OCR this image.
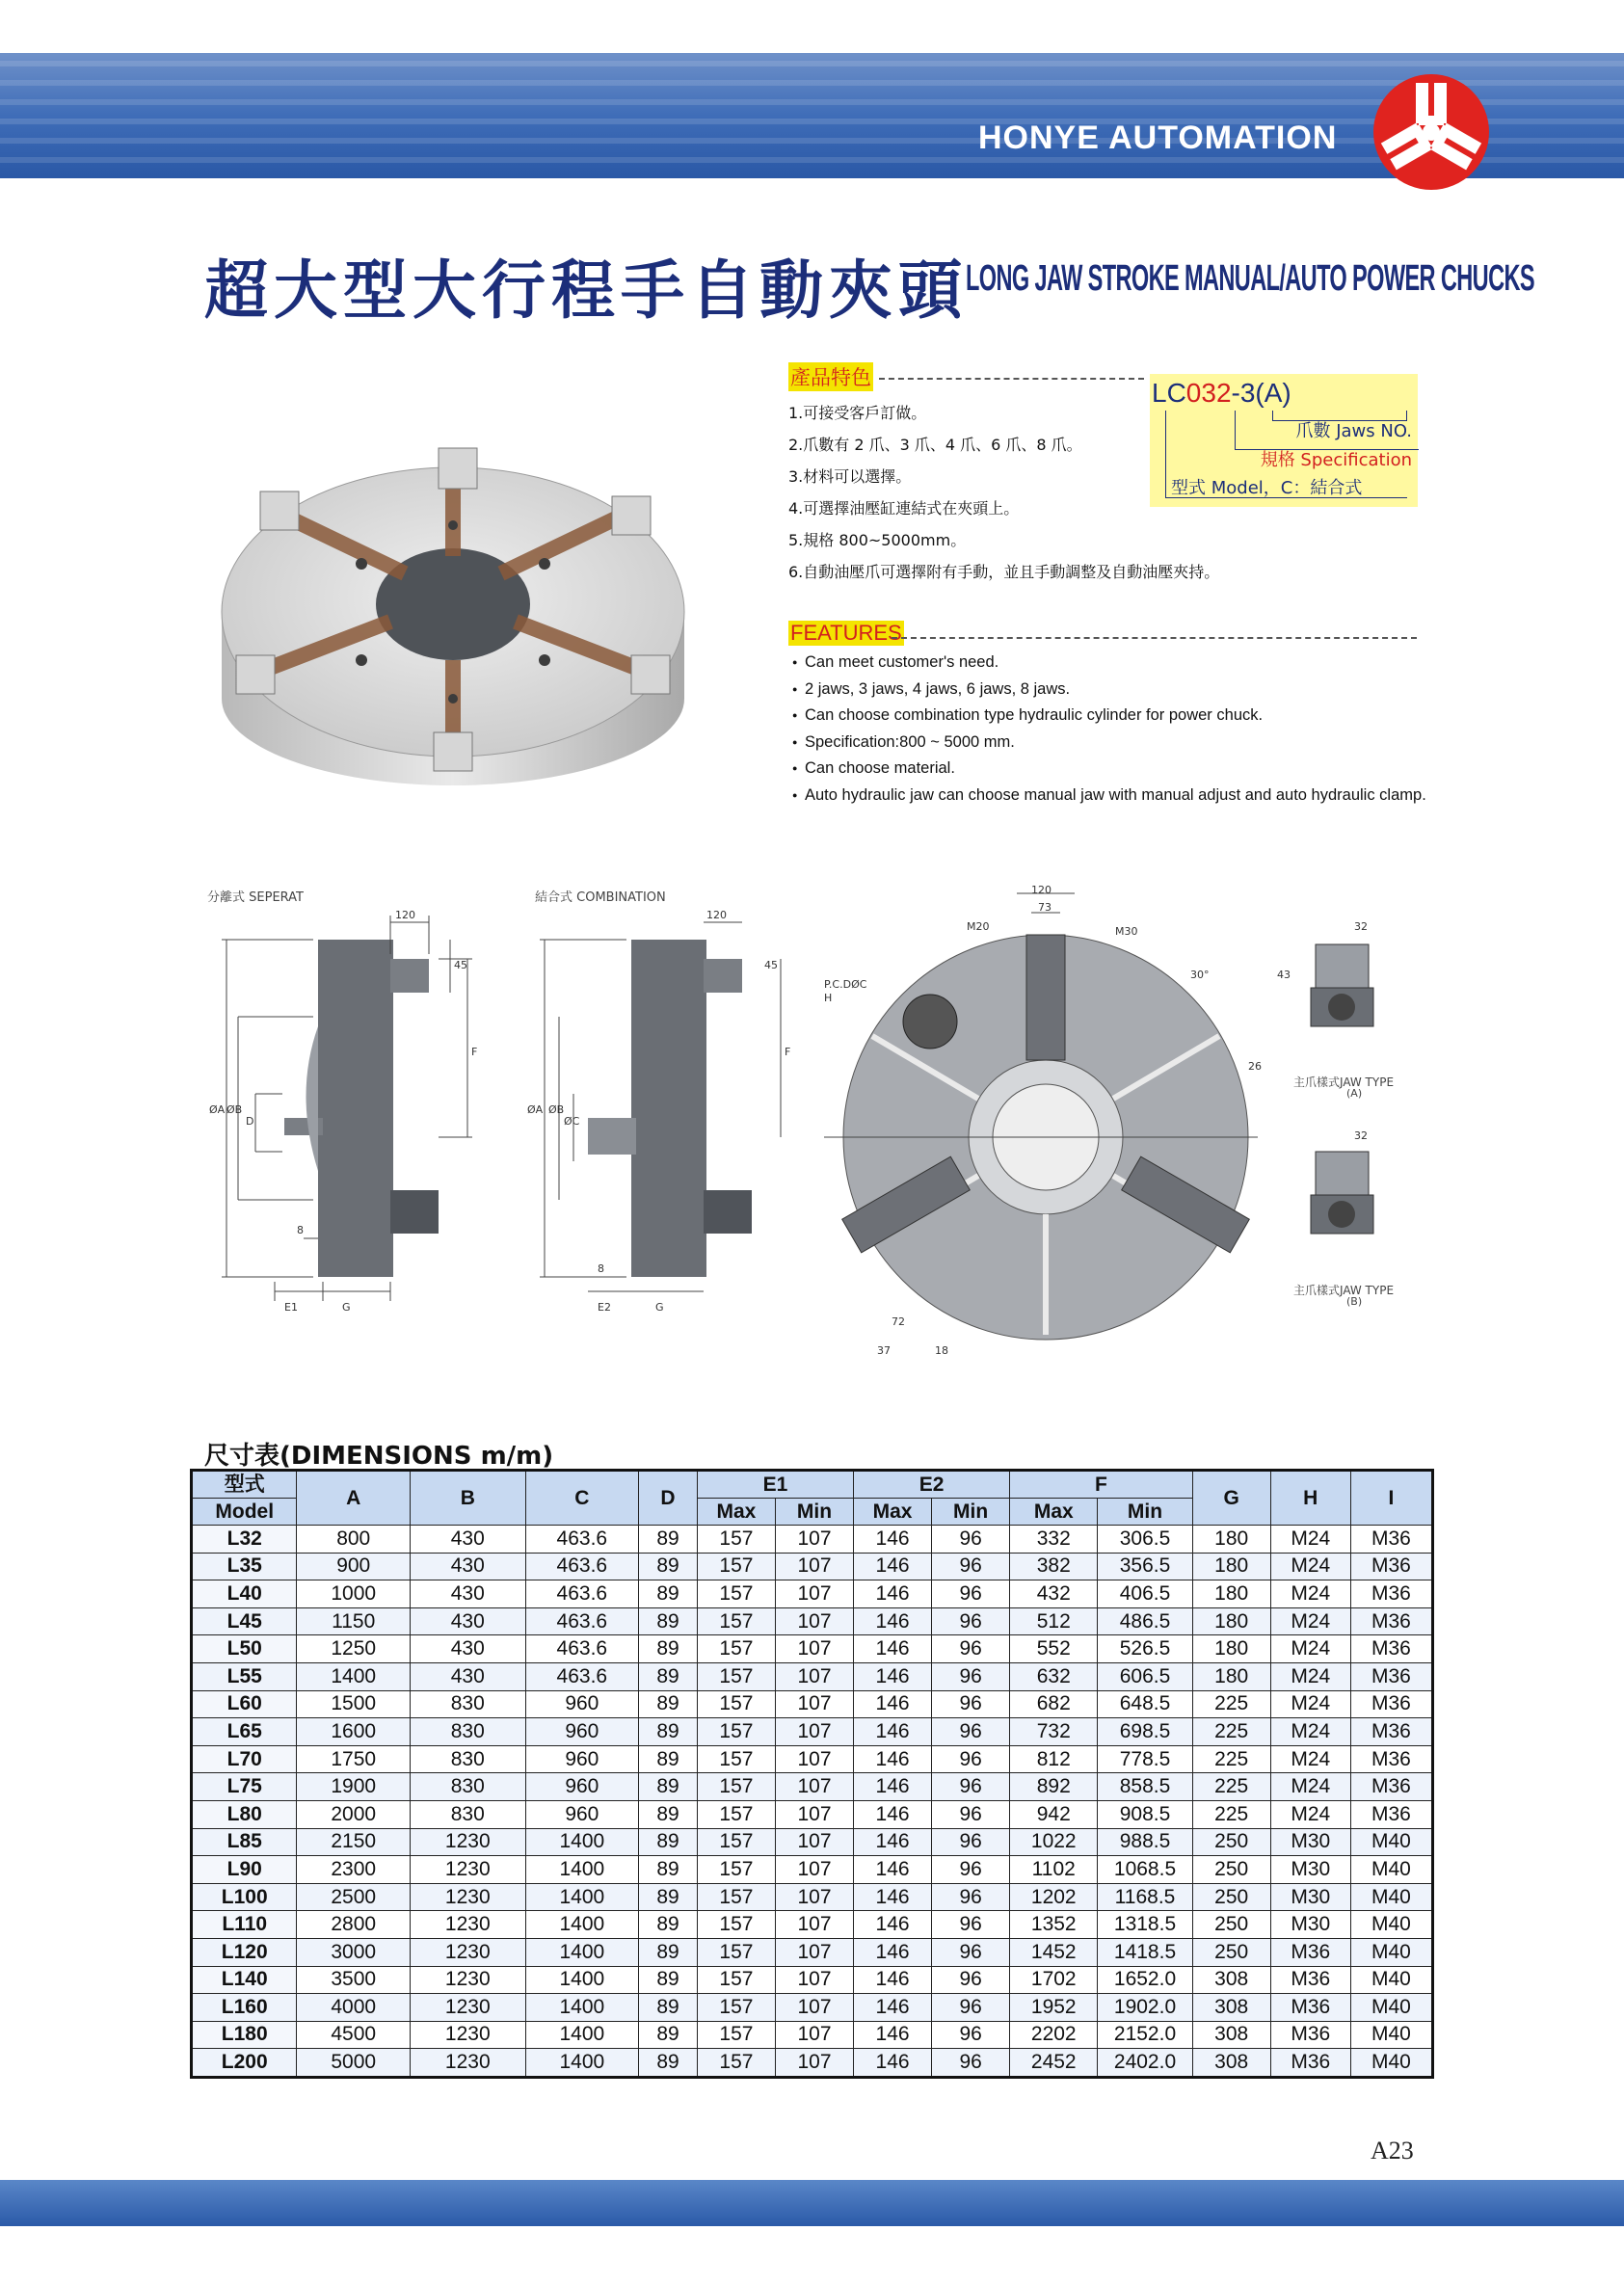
HONYE AUTOMATION
超大型大行程手自動夾頭
LONG JAW STROKE MANUAL/AUTO POWER CHUCKS
產品特色
1.可接受客戶訂做。
2.爪數有 2 爪、3 爪、4 爪、6 爪、8 爪。
3.材料可以選擇。
4.可選擇油壓缸連結式在夾頭上。
5.規格 800~5000mm。
6.自動油壓爪可選擇附有手動，並且手動調整及自動油壓夾持。
LC032-3(A)
爪數 Jaws NO.
規格 Specification
型式 Model，C：結合式
FEATURES
● Can meet customer's need.
● 2 jaws, 3 jaws, 4 jaws, 6 jaws, 8 jaws.
● Can choose combination type hydraulic cylinder for power chuck.
● Specification:800 ~ 5000 mm.
● Can choose material.
● Auto hydraulic jaw can choose manual jaw with manual adjust and auto hydraulic clamp.
分離式 SEPERAT	結合式 COMBINATION
120
45
F
ØA ØB
D
8
E1	G
120
45
F
ØA ØB
ØC
8
E2	G
120
73
M20	M30
30°
26
P.C.DØC
H
72
37	18
32
43
32
主爪樣式JAW TYPE
(A)
主爪樣式JAW TYPE
(B)
尺寸表(DIMENSIONS m/m)
型式	A	B	C	D	E1		E2		F		G	H	I
Model					Max	Min	Max	Min	Max	Min			
L32	800	430	463.6	89	157	107	146	96	332	306.5	180	M24	M36
L35	900	430	463.6	89	157	107	146	96	382	356.5	180	M24	M36
L40	1000	430	463.6	89	157	107	146	96	432	406.5	180	M24	M36
L45	1150	430	463.6	89	157	107	146	96	512	486.5	180	M24	M36
L50	1250	430	463.6	89	157	107	146	96	552	526.5	180	M24	M36
L55	1400	430	463.6	89	157	107	146	96	632	606.5	180	M24	M36
L60	1500	830	960	89	157	107	146	96	682	648.5	225	M24	M36
L65	1600	830	960	89	157	107	146	96	732	698.5	225	M24	M36
L70	1750	830	960	89	157	107	146	96	812	778.5	225	M24	M36
L75	1900	830	960	89	157	107	146	96	892	858.5	225	M24	M36
L80	2000	830	960	89	157	107	146	96	942	908.5	225	M24	M36
L85	2150	1230	1400	89	157	107	146	96	1022	988.5	250	M30	M40
L90	2300	1230	1400	89	157	107	146	96	1102	1068.5	250	M30	M40
L100	2500	1230	1400	89	157	107	146	96	1202	1168.5	250	M30	M40
L110	2800	1230	1400	89	157	107	146	96	1352	1318.5	250	M30	M40
L120	3000	1230	1400	89	157	107	146	96	1452	1418.5	250	M36	M40
L140	3500	1230	1400	89	157	107	146	96	1702	1652.0	308	M36	M40
L160	4000	1230	1400	89	157	107	146	96	1952	1902.0	308	M36	M40
L180	4500	1230	1400	89	157	107	146	96	2202	2152.0	308	M36	M40
L200	5000	1230	1400	89	157	107	146	96	2452	2402.0	308	M36	M40
A23
